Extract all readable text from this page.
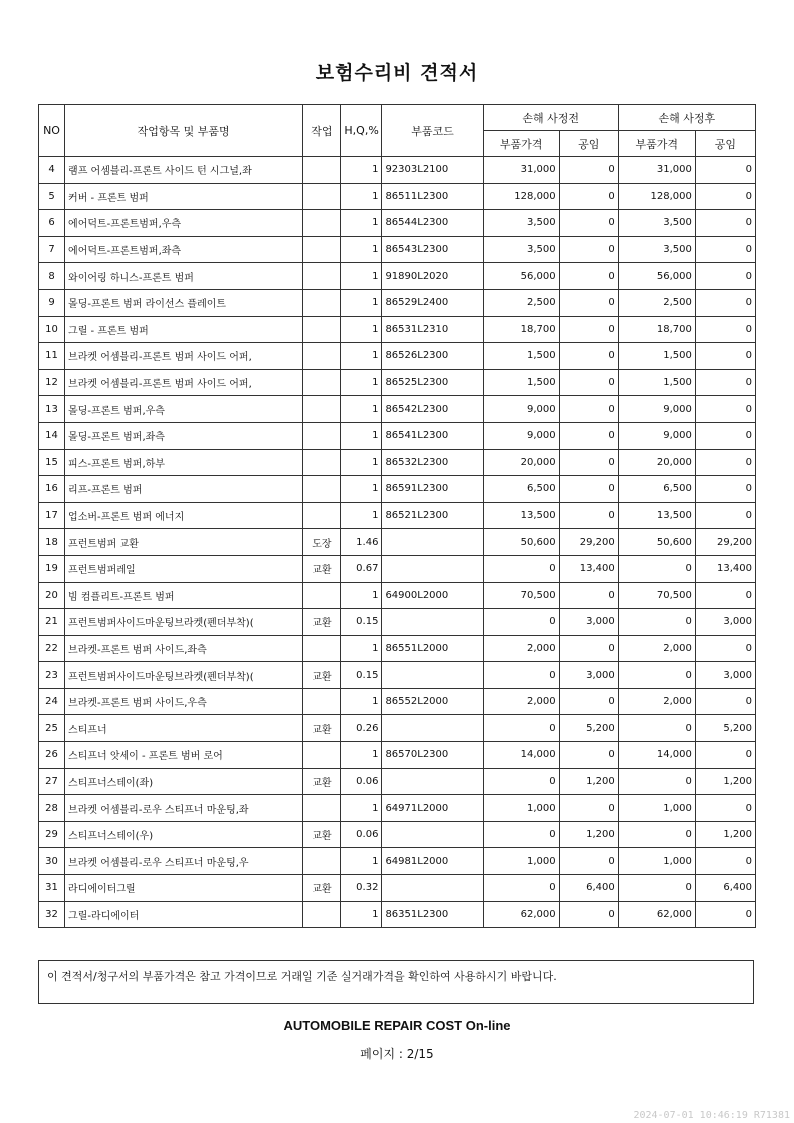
보험수리비 견적서
NO	작업항목 및 부품명	작업	H,Q,%	부품코드	손해 사정전		손해 사정후	
					부품가격	공임	부품가격	공임
4	램프 어셈블리-프론트 사이드 턴 시그널,좌		1	92303L2100	31,000	0	31,000	0
5	커버 - 프론트 범퍼		1	86511L2300	128,000	0	128,000	0
6	에어덕트-프론트범퍼,우측		1	86544L2300	3,500	0	3,500	0
7	에어덕트-프론트범퍼,좌측		1	86543L2300	3,500	0	3,500	0
8	와이어링 하니스-프론트 범퍼		1	91890L2020	56,000	0	56,000	0
9	몰딩-프론트 범퍼 라이선스 플레이트		1	86529L2400	2,500	0	2,500	0
10	그릴 - 프론트 범퍼		1	86531L2310	18,700	0	18,700	0
11	브라켓 어셈블리-프론트 범퍼 사이드 어퍼,		1	86526L2300	1,500	0	1,500	0
12	브라켓 어셈블리-프론트 범퍼 사이드 어퍼,		1	86525L2300	1,500	0	1,500	0
13	몰딩-프론트 범퍼,우측		1	86542L2300	9,000	0	9,000	0
14	몰딩-프론트 범퍼,좌측		1	86541L2300	9,000	0	9,000	0
15	피스-프론트 범퍼,하부		1	86532L2300	20,000	0	20,000	0
16	리프-프론트 범퍼		1	86591L2300	6,500	0	6,500	0
17	업소버-프론트 범퍼 에너지		1	86521L2300	13,500	0	13,500	0
18	프런트범퍼 교환	도장	1.46		50,600	29,200	50,600	29,200
19	프런트범퍼레일	교환	0.67		0	13,400	0	13,400
20	빔 컴플리트-프론트 범퍼		1	64900L2000	70,500	0	70,500	0
21	프런트범퍼사이드마운팅브라켓(펜더부착)(	교환	0.15		0	3,000	0	3,000
22	브라켓-프론트 범퍼 사이드,좌측		1	86551L2000	2,000	0	2,000	0
23	프런트범퍼사이드마운팅브라켓(펜더부착)(	교환	0.15		0	3,000	0	3,000
24	브라켓-프론트 범퍼 사이드,우측		1	86552L2000	2,000	0	2,000	0
25	스티프너	교환	0.26		0	5,200	0	5,200
26	스티프너 앗세이 - 프론트 범버 로어		1	86570L2300	14,000	0	14,000	0
27	스티프너스테이(좌)	교환	0.06		0	1,200	0	1,200
28	브라켓 어셈블리-로우 스티프너 마운팅,좌		1	64971L2000	1,000	0	1,000	0
29	스티프너스테이(우)	교환	0.06		0	1,200	0	1,200
30	브라켓 어셈블리-로우 스티프너 마운팅,우		1	64981L2000	1,000	0	1,000	0
31	라디에이터그릴	교환	0.32		0	6,400	0	6,400
32	그릴-라디에이터		1	86351L2300	62,000	0	62,000	0
이 견적서/청구서의 부품가격은 참고 가격이므로 거래일 기준 실거래가격을 확인하여 사용하시기 바랍니다.
AUTOMOBILE REPAIR COST On-line
페이지 : 2/15
2024-07-01 10:46:19 R71381
